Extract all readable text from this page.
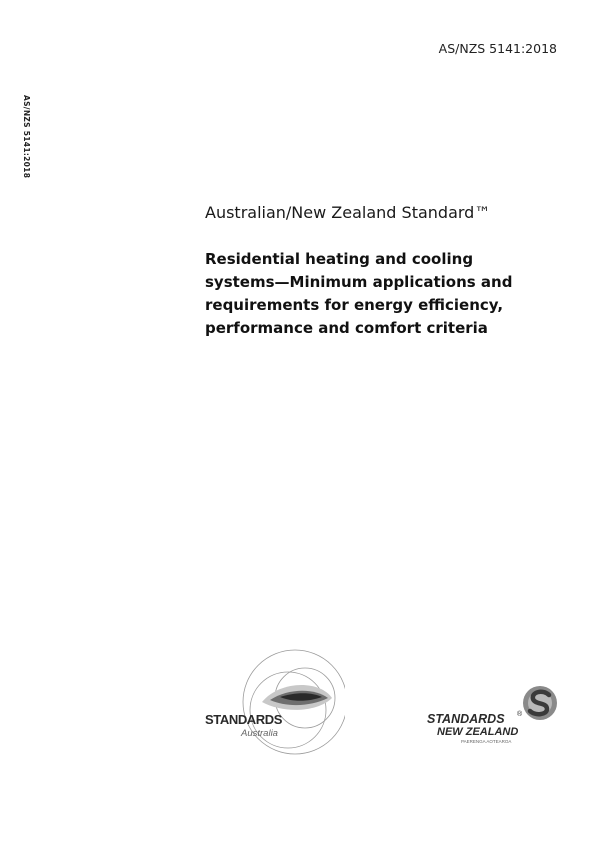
AS/NZS 5141:2018
AS/NZS 5141:2018
Australian/New Zealand Standard™
Residential heating and cooling
systems—Minimum applications and
requirements for energy efficiency,
performance and comfort criteria
STANDARDS
Australia
STANDARDS ®
NEW ZEALAND
PAERENGA AOTEAROA
